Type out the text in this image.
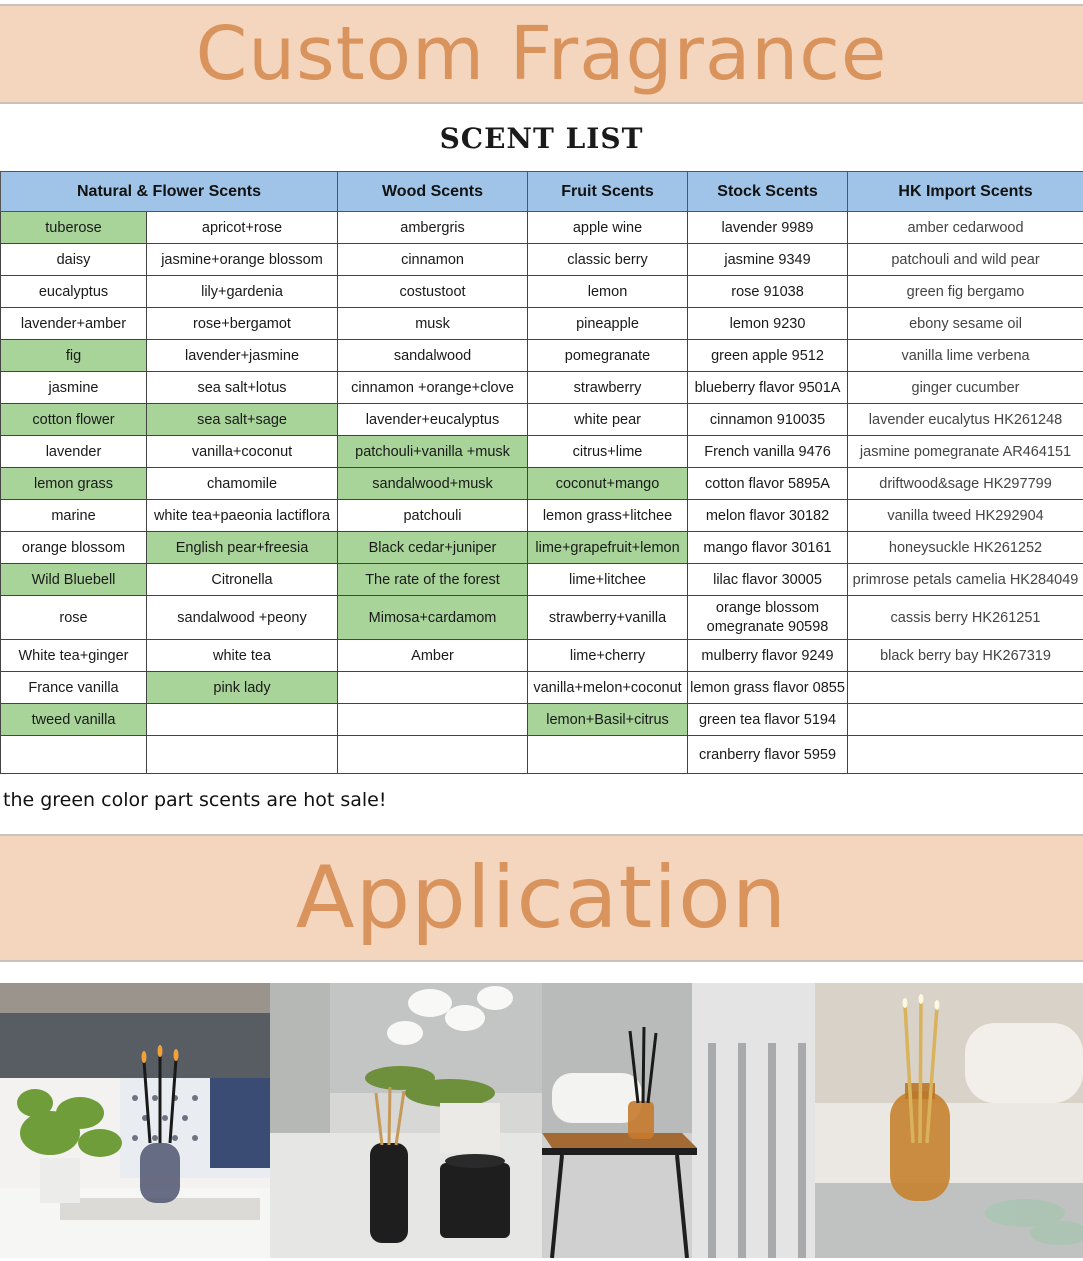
Custom Fragrance
SCENT LIST
Natural & Flower Scents		Wood Scents	Fruit Scents	Stock Scents	HK Import Scents
tuberose	apricot+rose	ambergris	apple wine	lavender 9989	amber cedarwood
daisy	jasmine+orange blossom	cinnamon	classic berry	jasmine 9349	patchouli and wild pear
eucalyptus	lily+gardenia	costustoot	lemon	rose 91038	green fig bergamo
lavender+amber	rose+bergamot	musk	pineapple	lemon 9230	ebony sesame oil
fig	lavender+jasmine	sandalwood	pomegranate	green apple 9512	vanilla lime verbena
jasmine	sea salt+lotus	cinnamon +orange+clove	strawberry	blueberry flavor 9501A	ginger cucumber
cotton flower	sea salt+sage	lavender+eucalyptus	white pear	cinnamon 910035	lavender eucalytus HK261248
lavender	vanilla+coconut	patchouli+vanilla +musk	citrus+lime	French vanilla 9476	jasmine pomegranate AR464151
lemon grass	chamomile	sandalwood+musk	coconut+mango	cotton flavor 5895A	driftwood&sage HK297799
marine	white tea+paeonia lactiflora	patchouli	lemon grass+litchee	melon flavor 30182	vanilla tweed HK292904
orange blossom	English pear+freesia	Black cedar+juniper	lime+grapefruit+lemon	mango flavor 30161	honeysuckle HK261252
Wild Bluebell	Citronella	The rate of the forest	lime+litchee	lilac flavor 30005	primrose petals camelia HK284049
rose	sandalwood +peony	Mimosa+cardamom	strawberry+vanilla	orange blossom omegranate 90598	cassis berry HK261251
White tea+ginger	white tea	Amber	lime+cherry	mulberry flavor 9249	black berry bay HK267319
France vanilla	pink lady		vanilla+melon+coconut	lemon grass flavor 0855	
tweed vanilla			lemon+Basil+citrus	green tea flavor 5194	
				cranberry flavor 5959	
the green color part scents are hot sale!
Application
